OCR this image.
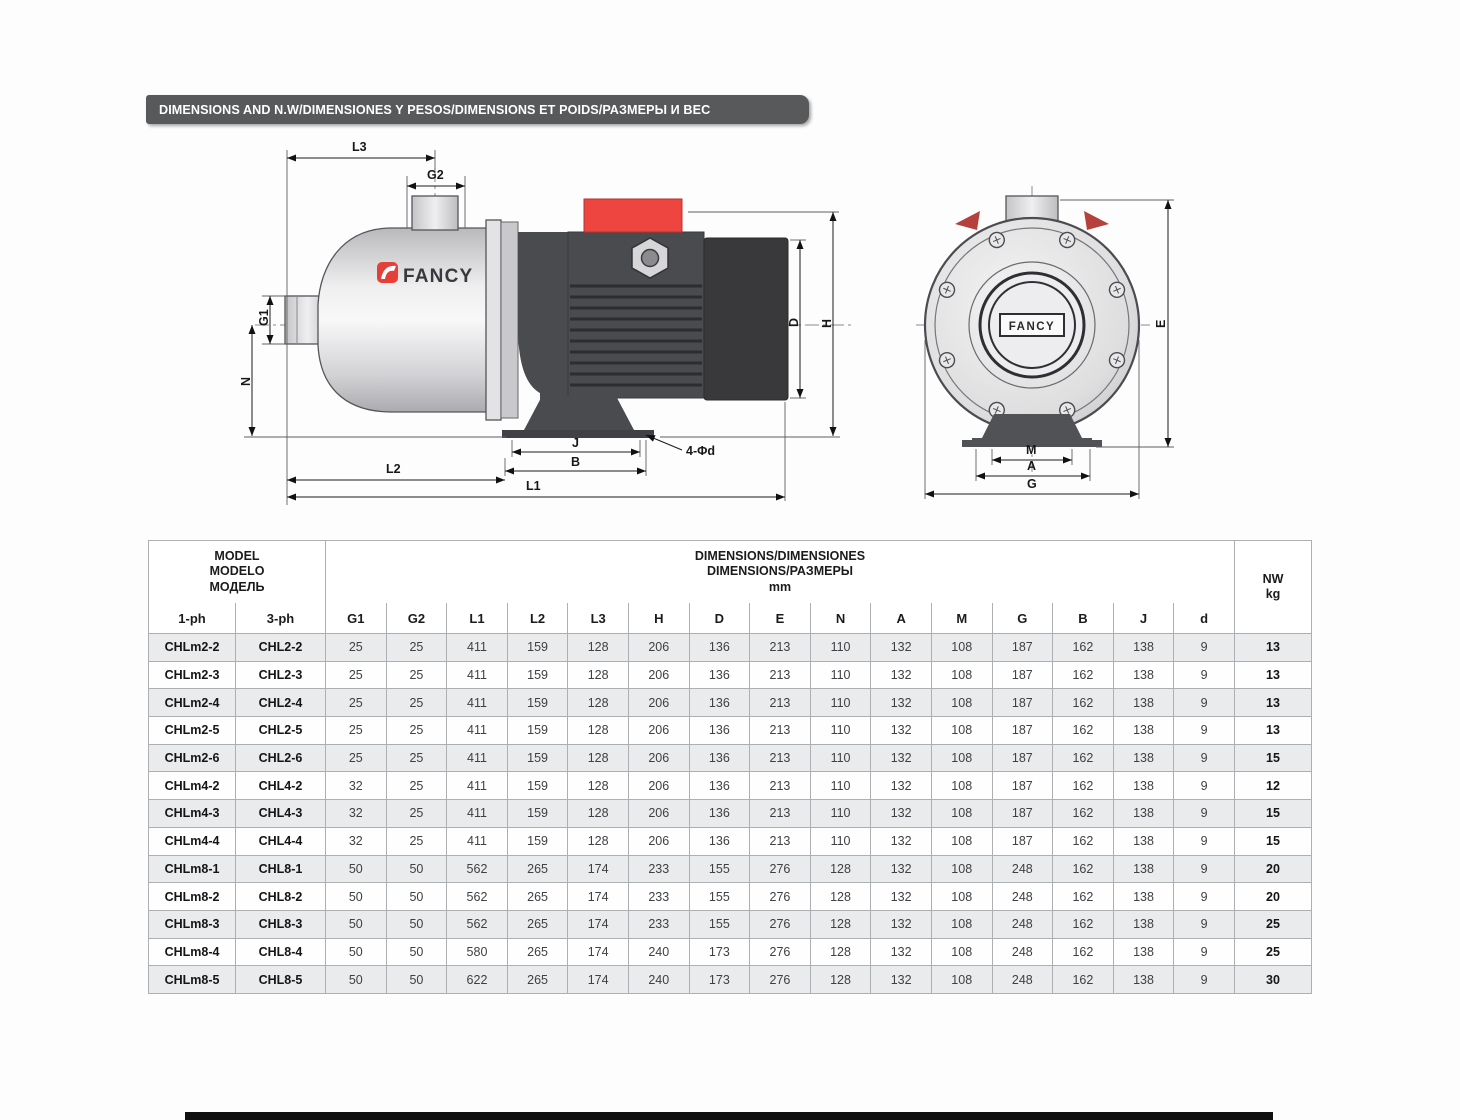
DIMENSIONS AND N.W/DIMENSIONES Y PESOS/DIMENSIONS ET POIDS/РАЗМЕРЫ И ВЕС
FANCY
L3
G2
G1
N
D H
J
B
4-Φd
L2
L1
FANCY	E
M
A
G
MODEL
MODELO
МОДЕЛЬ		DIMENSIONS/DIMENSIONES
DIMENSIONS/РАЗМЕРЫ
mm															NW
kg

1-ph	3-ph	G1	G2	L1	L2	L3	H	D	E	N	A	M	G	B	J	d	
CHLm2-2	CHL2-2	25	25	411	159	128	206	136	213	110	132	108	187	162	138	9	13
CHLm2-3	CHL2-3	25	25	411	159	128	206	136	213	110	132	108	187	162	138	9	13
CHLm2-4	CHL2-4	25	25	411	159	128	206	136	213	110	132	108	187	162	138	9	13
CHLm2-5	CHL2-5	25	25	411	159	128	206	136	213	110	132	108	187	162	138	9	13
CHLm2-6	CHL2-6	25	25	411	159	128	206	136	213	110	132	108	187	162	138	9	15
CHLm4-2	CHL4-2	32	25	411	159	128	206	136	213	110	132	108	187	162	138	9	12
CHLm4-3	CHL4-3	32	25	411	159	128	206	136	213	110	132	108	187	162	138	9	15
CHLm4-4	CHL4-4	32	25	411	159	128	206	136	213	110	132	108	187	162	138	9	15
CHLm8-1	CHL8-1	50	50	562	265	174	233	155	276	128	132	108	248	162	138	9	20
CHLm8-2	CHL8-2	50	50	562	265	174	233	155	276	128	132	108	248	162	138	9	20
CHLm8-3	CHL8-3	50	50	562	265	174	233	155	276	128	132	108	248	162	138	9	25
CHLm8-4	CHL8-4	50	50	580	265	174	240	173	276	128	132	108	248	162	138	9	25
CHLm8-5	CHL8-5	50	50	622	265	174	240	173	276	128	132	108	248	162	138	9	30
